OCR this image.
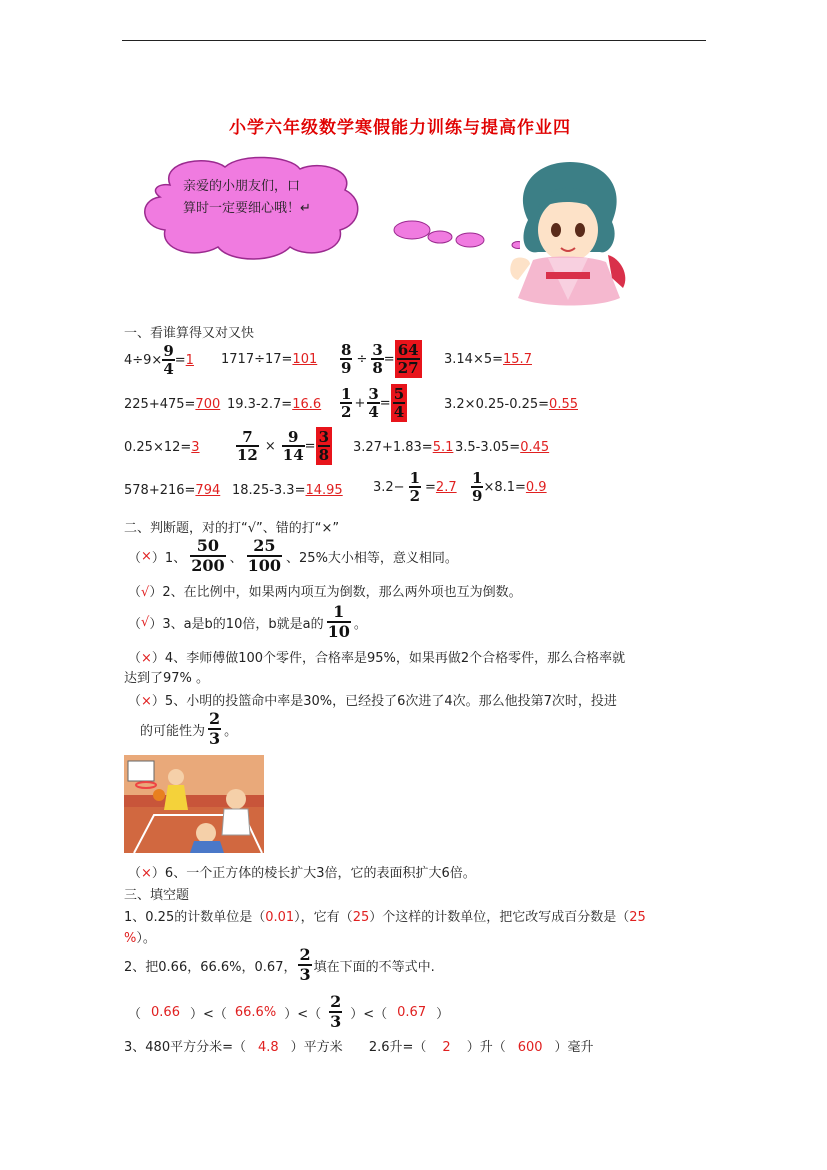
小学六年级数学寒假能力训练与提高作业四
亲爱的小朋友们，口
算时一定要细心哦！↵
一、看谁算得又对又快
$4\div 9\times \frac{9}{4} = 1$ $1717\div 17=101 \frac{8}{9} \div \frac{3}{8} = \frac{64}{27} 3.14\times 5=15.7$
225+475=700 $19.3-2.7=16.6 \frac{1}{2} + \frac{3}{4} = \frac{5}{4}$	3.2×0.25-0.25=0.55
$0.25\times 12=3 \frac{7}{12} \times \frac{9}{14} = \frac{3}{8} 3.27+1.83=5.1$ 3.5-3.05=0.45
578+216=794 18.25-3.3=14.95 $3.2- \frac{1}{2} = 2.7 \frac{1}{9} \times 8.1= 0.9$
二、判断题，对的打“√”、错的打“×”
（ × ）1、 $\frac{50}{200}$ 、 $\frac{25}{100}$ 、25%大小相等，意义相同。
（√）2、在比例中，如果两内项互为倒数，那么两外项也互为倒数。
（ √ ）3、 a是b的10倍，b就是a的 $\frac{1}{10}$ 。
（×）4、李师傅做100个零件，合格率是95%，如果再做2个合格零件，那么合格率就
达到了97% 。
（×）5、小明的投篮命中率是30%，已经投了6次进了4次。那么他投第7次时，投进
的可能性为 $\frac{2}{3}$ 。
（×）6、一个正方体的棱长扩大3倍，它的表面积扩大6倍。
三、填空题
1、0.25的计数单位是（0.01），它有（25）个这样的计数单位，把它改写成百分数是（25
%）。
2、把0.66，66.6%，0.67， $\frac{2}{3}$ 填在下面的不等式中.
（ 0.66 ）<（ 66.6% ）<（ $\frac{2}{3}$ ）<（ 0.67 ）
3、480平方分米=（ 4.8 ）平方米 2.6升=（ 2 ）升（ 600 ）毫升
